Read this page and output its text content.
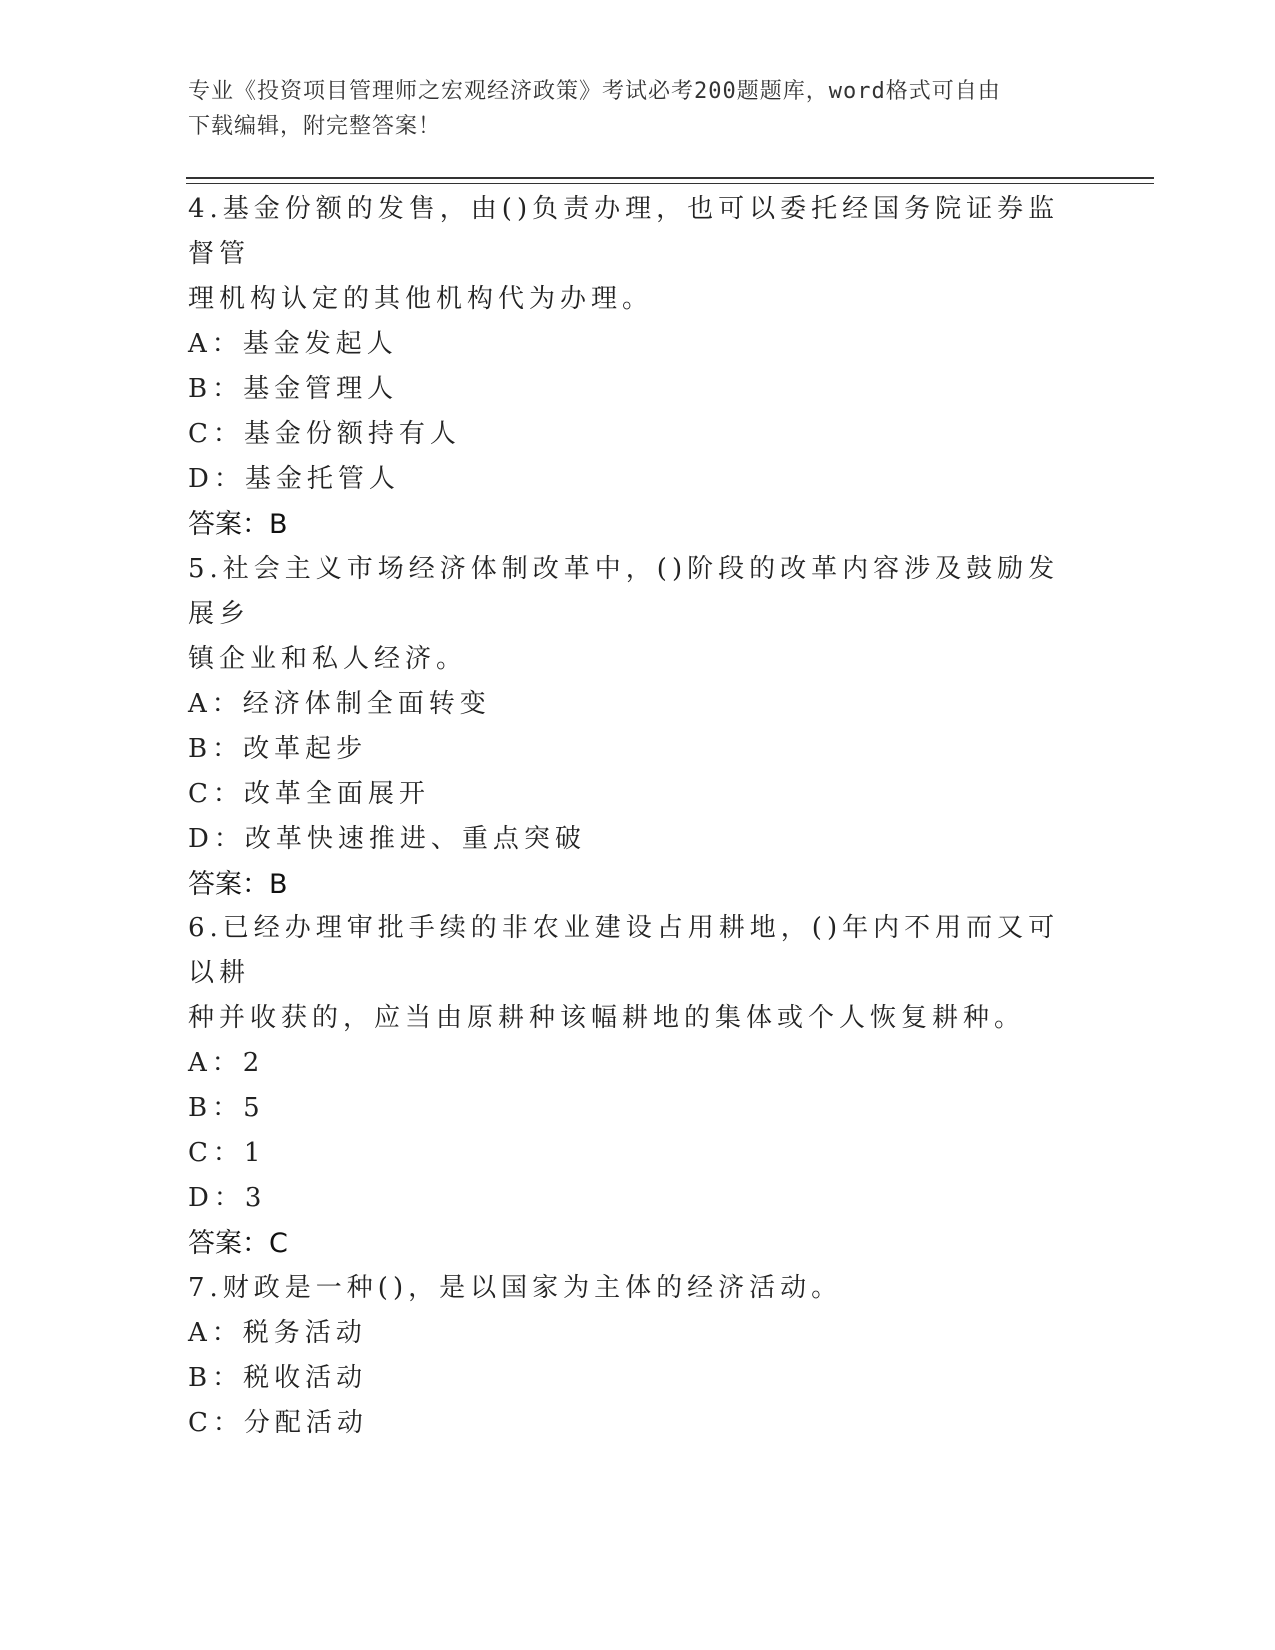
专业《投资项目管理师之宏观经济政策》考试必考200题题库，word格式可自由
下载编辑，附完整答案！

4.基金份额的发售，由()负责办理，也可以委托经国务院证券监督管

理机构认定的其他机构代为办理。

A：基金发起人

B：基金管理人

C：基金份额持有人

D：基金托管人

答案：B

5.社会主义市场经济体制改革中，()阶段的改革内容涉及鼓励发展乡

镇企业和私人经济。

A：经济体制全面转变

B：改革起步

C：改革全面展开

D：改革快速推进、重点突破

答案：B

6.已经办理审批手续的非农业建设占用耕地，()年内不用而又可以耕

种并收获的，应当由原耕种该幅耕地的集体或个人恢复耕种。

A：2

B：5

C：1

D：3

答案：C

7.财政是一种()，是以国家为主体的经济活动。

A：税务活动

B：税收活动

C：分配活动
